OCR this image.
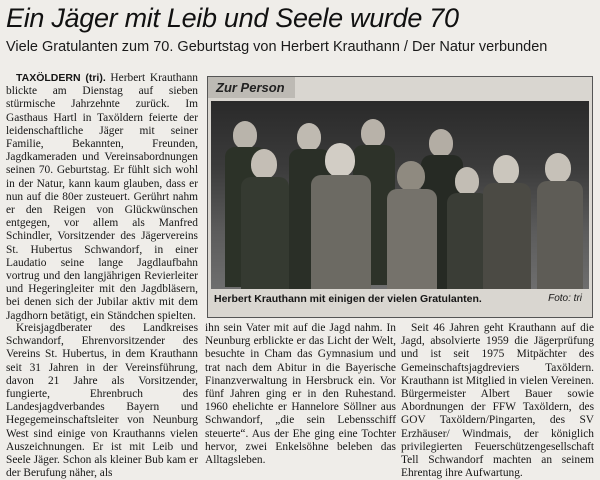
Ein Jäger mit Leib und Seele wurde 70
Viele Gratulanten zum 70. Geburtstag von Herbert Krauthann / Der Natur verbunden

TAXÖLDERN (tri). Herbert Krauthann blickte am Dienstag auf sieben stürmische Jahrzehnte zurück. Im Gasthaus Hartl in Taxöldern feierte der leidenschaftliche Jäger mit seiner Familie, Bekannten, Freunden, Jagdkameraden und Vereinsabordnungen seinen 70. Geburtstag. Er fühlt sich wohl in der Natur, kann kaum glauben, dass er nun auf die 80er zusteuert. Gerührt nahm er den Reigen von Glückwünschen entgegen, vor allem als Manfred Schindler, Vorsitzender des Jägervereins St. Hubertus Schwandorf, in einer Laudatio seine lange Jagdlaufbahn vortrug und den langjährigen Revierleiter und Hegeringleiter mit den Jagdbläsern, bei denen sich der Jubilar aktiv mit dem Jagdhorn betätigt, ein Ständchen spielten.

Kreisjagdberater des Landkreises Schwandorf, Ehrenvorsitzender des Vereins St. Hubertus, in dem Krauthann seit 31 Jahren in der Vereinsführung, davon 21 Jahre als Vorsitzender, fungierte, Ehrenbruch des Landesjagdverbandes Bayern und Hegegemeinschaftsleiter von Neunburg West sind einige von Krauthanns vielen Auszeichnungen. Er ist mit Leib und Seele Jäger. Schon als kleiner Bub kam er der Berufung näher, als

ihn sein Vater mit auf die Jagd nahm. In Neunburg erblickte er das Licht der Welt, besuchte in Cham das Gymnasium und trat nach dem Abitur in die Bayerische Finanzverwaltung in Hersbruck ein. Vor fünf Jahren ging er in den Ruhestand. 1960 ehelichte er Hannelore Söllner aus Schwandorf, „die sein Lebensschiff steuerte“. Aus der Ehe ging eine Tochter hervor, zwei Enkelsöhne beleben das Alltagsleben.

Seit 46 Jahren geht Krauthann auf die Jagd, absolvierte 1959 die Jägerprüfung und ist seit 1975 Mitpächter des Gemeinschaftsjagdreviers Taxöldern. Krauthann ist Mitglied in vielen Vereinen. Bürgermeister Albert Bauer sowie Abordnungen der FFW Taxöldern, des GOV Taxöldern/Pingarten, des SV Erzhäuser/ Windmais, der königlich privilegierten Feuerschützengesellschaft Tell Schwandorf machten an seinem Ehrentag ihre Aufwartung.

Zur Person
Herbert Krauthann mit einigen der vielen Gratulanten.	Foto: tri
